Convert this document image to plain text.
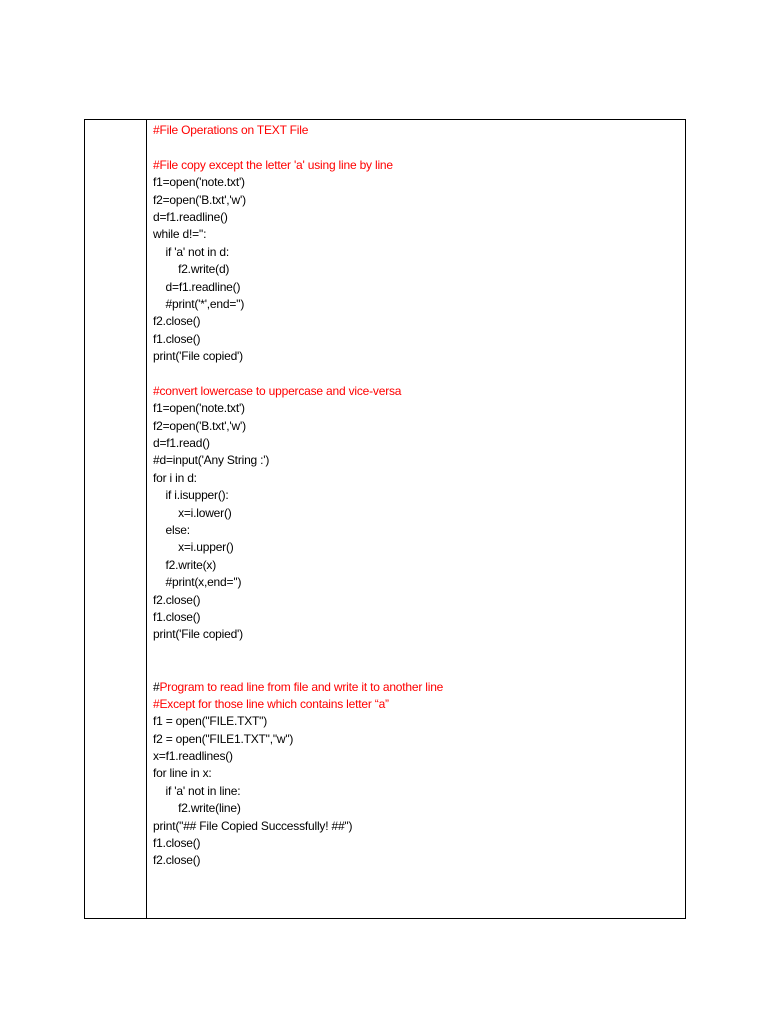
#File Operations on TEXT File
#File copy except the letter 'a' using line by line
f1=open('note.txt')
f2=open('B.txt','w')
d=f1.readline()
while d!='':
if 'a' not in d:
f2.write(d)
d=f1.readline()
#print('*',end='')
f2.close()
f1.close()
print('File copied')
#convert lowercase to uppercase and vice-versa
f1=open('note.txt')
f2=open('B.txt','w')
d=f1.read()
#d=input('Any String :')
for i in d:
if i.isupper():
x=i.lower()
else:
x=i.upper()
f2.write(x)
#print(x,end='')
f2.close()
f1.close()
print('File copied')
#Program to read line from file and write it to another line
#Except for those line which contains letter “a”
f1 = open("FILE.TXT")
f2 = open("FILE1.TXT","w")
x=f1.readlines()
for line in x:
if 'a' not in line:
f2.write(line)
print("## File Copied Successfully! ##")
f1.close()
f2.close()
